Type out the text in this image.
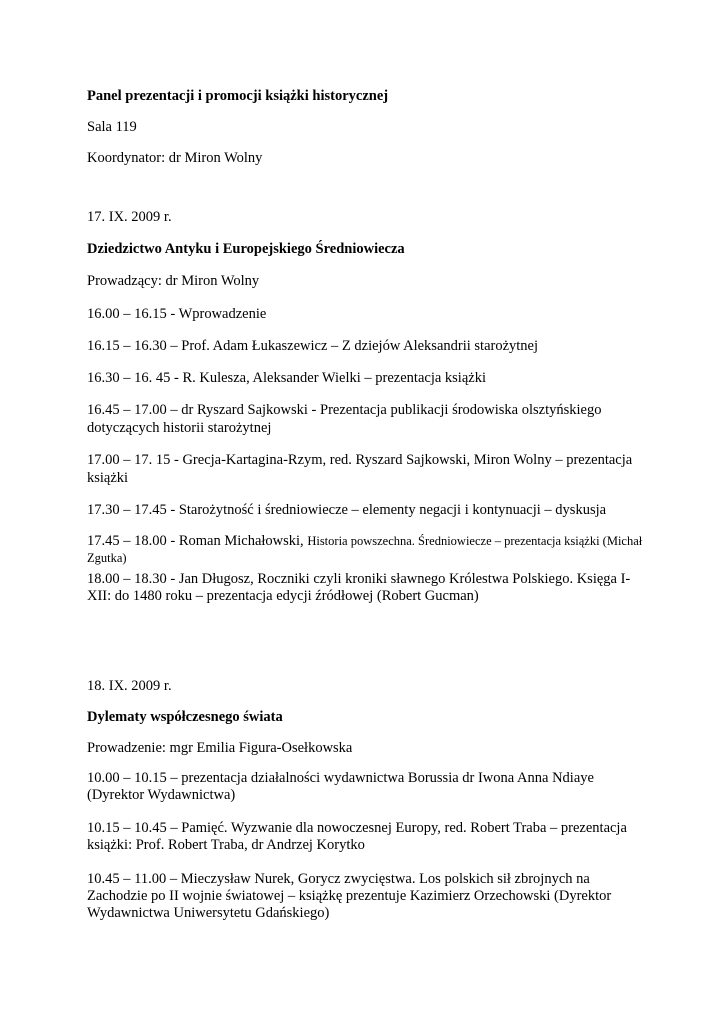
Panel prezentacji i promocji książki historycznej

Sala 119

Koordynator: dr Miron Wolny

17. IX. 2009 r.

Dziedzictwo Antyku i Europejskiego Średniowiecza

Prowadzący: dr Miron Wolny

16.00 – 16.15 - Wprowadzenie

16.15 – 16.30 – Prof. Adam Łukaszewicz – Z dziejów Aleksandrii starożytnej

16.30 – 16. 45 - R. Kulesza, Aleksander Wielki – prezentacja książki

16.45 – 17.00 – dr Ryszard Sajkowski - Prezentacja publikacji środowiska olsztyńskiego dotyczących historii starożytnej

17.00 – 17. 15 - Grecja-Kartagina-Rzym, red. Ryszard Sajkowski, Miron Wolny – prezentacja książki

17.30 – 17.45 - Starożytność i średniowiecze – elementy negacji i kontynuacji – dyskusja

17.45 – 18.00 - Roman Michałowski, Historia powszechna. Średniowiecze – prezentacja książki (Michał Zgutka)

18.00 – 18.30 - Jan Długosz, Roczniki czyli kroniki sławnego Królestwa Polskiego. Księga I-XII: do 1480 roku – prezentacja edycji źródłowej (Robert Gucman)

18. IX. 2009 r.

Dylematy współczesnego świata

Prowadzenie: mgr Emilia Figura-Osełkowska

10.00 – 10.15 – prezentacja działalności wydawnictwa Borussia dr Iwona Anna Ndiaye (Dyrektor Wydawnictwa)

10.15 – 10.45 – Pamięć. Wyzwanie dla nowoczesnej Europy, red. Robert Traba – prezentacja książki: Prof. Robert Traba, dr Andrzej Korytko

10.45 – 11.00 – Mieczysław Nurek, Gorycz zwycięstwa. Los polskich sił zbrojnych na Zachodzie po II wojnie światowej – książkę prezentuje Kazimierz Orzechowski (Dyrektor Wydawnictwa Uniwersytetu Gdańskiego)
